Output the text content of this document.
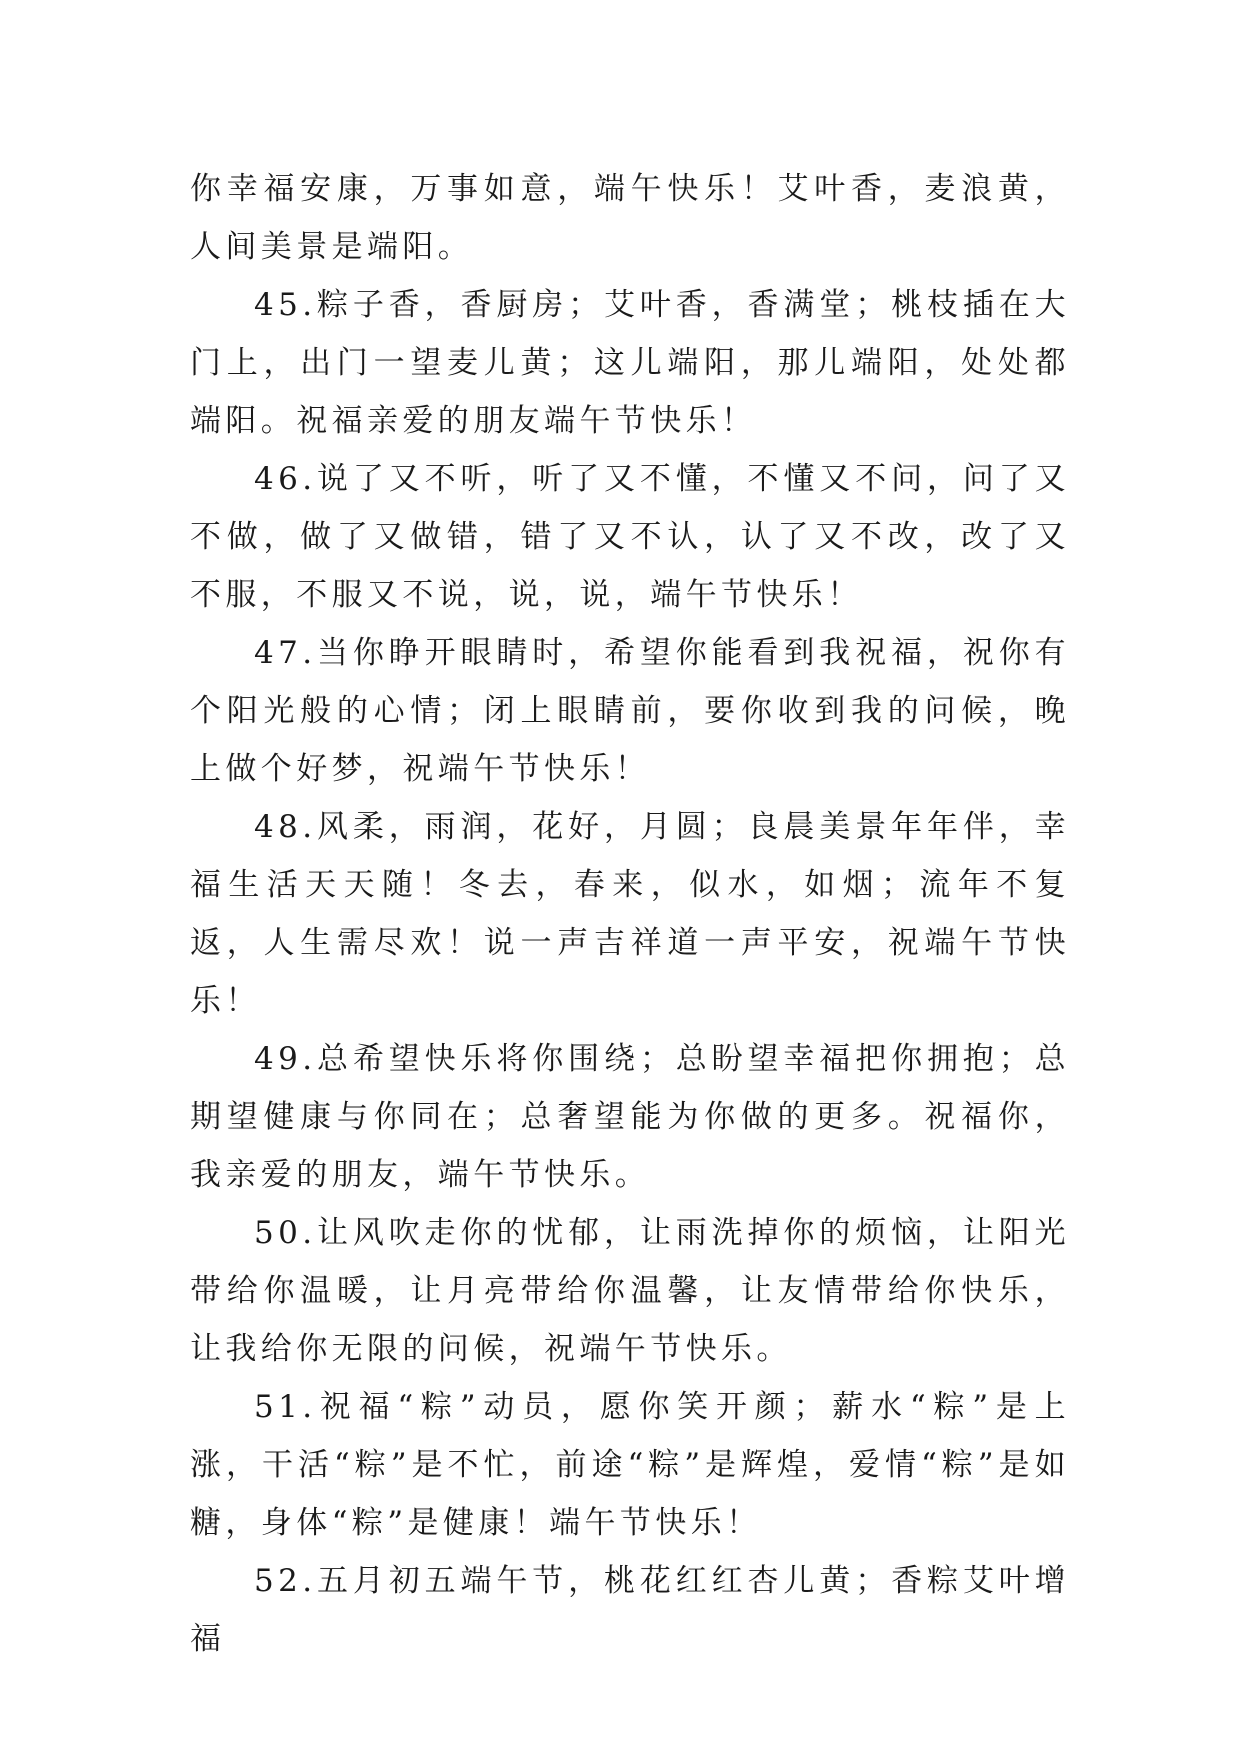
你幸福安康，万事如意，端午快乐！艾叶香，麦浪黄，人间美景是端阳。

45.粽子香，香厨房；艾叶香，香满堂；桃枝插在大门上，出门一望麦儿黄；这儿端阳，那儿端阳，处处都端阳。祝福亲爱的朋友端午节快乐！

46.说了又不听，听了又不懂，不懂又不问，问了又不做，做了又做错，错了又不认，认了又不改，改了又不服，不服又不说，说，说，端午节快乐！

47.当你睁开眼睛时，希望你能看到我祝福，祝你有个阳光般的心情；闭上眼睛前，要你收到我的问候，晚上做个好梦，祝端午节快乐！

48.风柔，雨润，花好，月圆；良晨美景年年伴，幸福生活天天随！冬去，春来，似水，如烟；流年不复返，人生需尽欢！说一声吉祥道一声平安，祝端午节快乐！

49.总希望快乐将你围绕；总盼望幸福把你拥抱；总期望健康与你同在；总奢望能为你做的更多。祝福你，我亲爱的朋友，端午节快乐。

50.让风吹走你的忧郁，让雨洗掉你的烦恼，让阳光带给你温暖，让月亮带给你温馨，让友情带给你快乐，让我给你无限的问候，祝端午节快乐。

51.祝福“粽”动员，愿你笑开颜；薪水“粽”是上涨，干活“粽”是不忙，前途“粽”是辉煌，爱情“粽”是如糖，身体“粽”是健康！端午节快乐！

52.五月初五端午节，桃花红红杏儿黄；香粽艾叶增福
